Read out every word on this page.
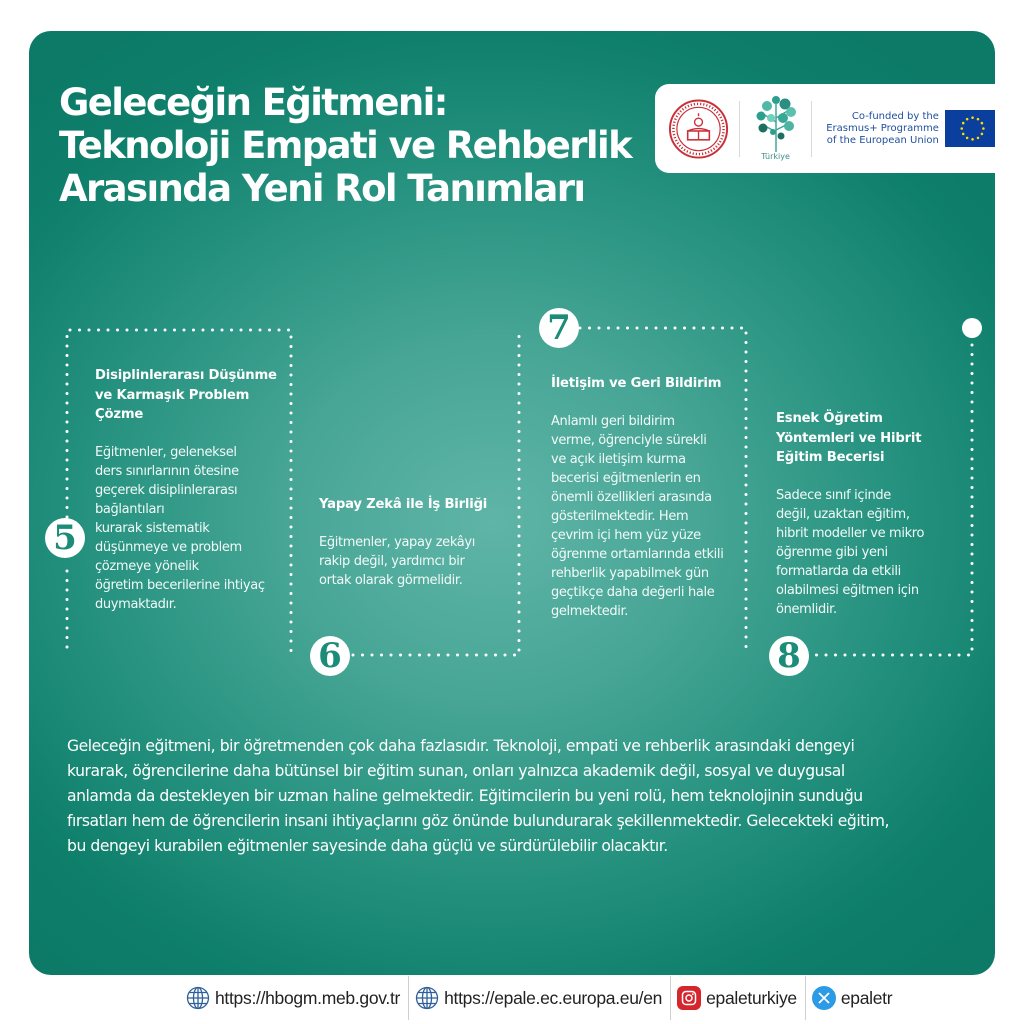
Geleceğin Eğitmeni:
Teknoloji Empati ve Rehberlik
Arasında Yeni Rol Tanımları
Türkiye
Co-funded by the
Erasmus+ Programme
of the European Union
5
6
7
8
Disiplinlerarası Düşünme
ve Karmaşık Problem
Çözme

Eğitmenler, geleneksel
ders sınırlarının ötesine
geçerek disiplinlerarası
bağlantıları
kurarak sistematik
düşünmeye ve problem
çözmeye yönelik
öğretim becerilerine ihtiyaç
duymaktadır.

Yapay Zekâ ile İş Birliği

Eğitmenler, yapay zekâyı
rakip değil, yardımcı bir
ortak olarak görmelidir.

İletişim ve Geri Bildirim

Anlamlı geri bildirim
verme, öğrenciyle sürekli
ve açık iletişim kurma
becerisi eğitmenlerin en
önemli özellikleri arasında
gösterilmektedir. Hem
çevrim içi hem yüz yüze
öğrenme ortamlarında etkili
rehberlik yapabilmek gün
geçtikçe daha değerli hale
gelmektedir.

Esnek Öğretim
Yöntemleri ve Hibrit
Eğitim Becerisi

Sadece sınıf içinde
değil, uzaktan eğitim,
hibrit modeller ve mikro
öğrenme gibi yeni
formatlarda da etkili
olabilmesi eğitmen için
önemlidir.

Geleceğin eğitmeni, bir öğretmenden çok daha fazlasıdır. Teknoloji, empati ve rehberlik arasındaki dengeyi
kurarak, öğrencilerine daha bütünsel bir eğitim sunan, onları yalnızca akademik değil, sosyal ve duygusal
anlamda da destekleyen bir uzman haline gelmektedir. Eğitimcilerin bu yeni rolü, hem teknolojinin sunduğu
fırsatları hem de öğrencilerin insani ihtiyaçlarını göz önünde bulundurarak şekillenmektedir. Gelecekteki eğitim,
bu dengeyi kurabilen eğitmenler sayesinde daha güçlü ve sürdürülebilir olacaktır.
https://hbogm.meb.gov.tr	https://epale.ec.europa.eu/en	epaleturkiye	epaletr
